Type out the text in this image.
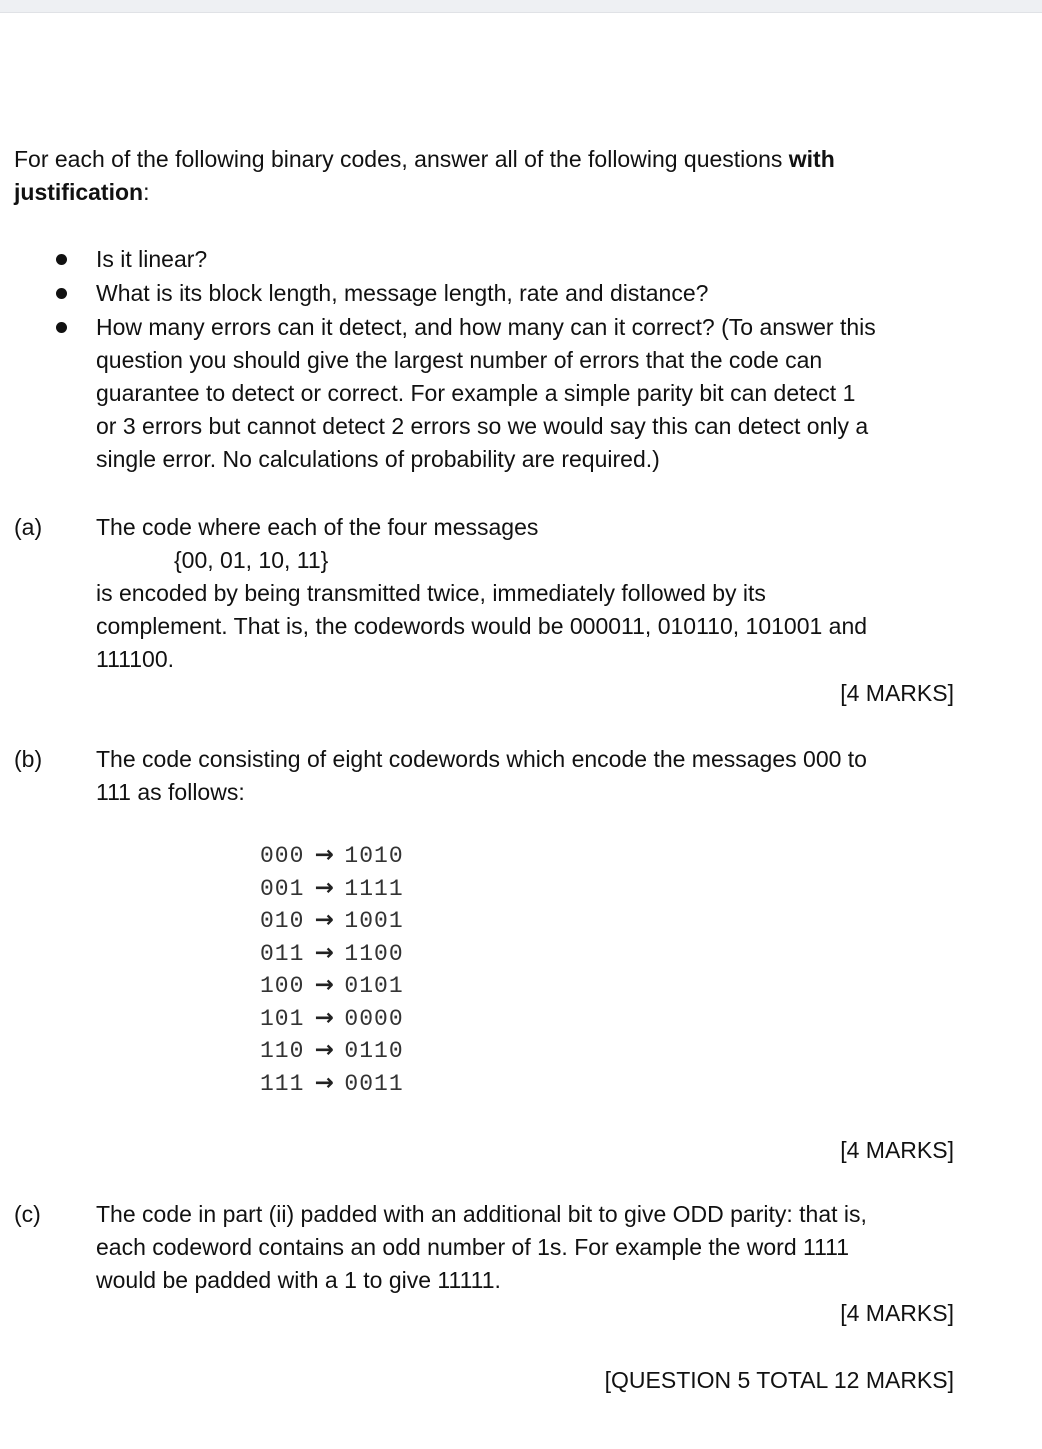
For each of the following binary codes, answer all of the following questions with
justification:
Is it linear?
What is its block length, message length, rate and distance?
How many errors can it detect, and how many can it correct? (To answer this
question you should give the largest number of errors that the code can
guarantee to detect or correct. For example a simple parity bit can detect 1
or 3 errors but cannot detect 2 errors so we would say this can detect only a
single error. No calculations of probability are required.)
(a) The code where each of the four messages
{00, 01, 10, 11}
is encoded by being transmitted twice, immediately followed by its
complement. That is, the codewords would be 000011, 010110, 101001 and
111100.
[4 MARKS]
(b) The code consisting of eight codewords which encode the messages 000 to
111 as follows:
000 → 1010
001 → 1111
010 → 1001
011 → 1100
100 → 0101
101 → 0000
110 → 0110
111 → 0011
[4 MARKS]
(c) The code in part (ii) padded with an additional bit to give ODD parity: that is,
each codeword contains an odd number of 1s. For example the word 1111
would be padded with a 1 to give 11111.
[4 MARKS]
[QUESTION 5 TOTAL 12 MARKS]
